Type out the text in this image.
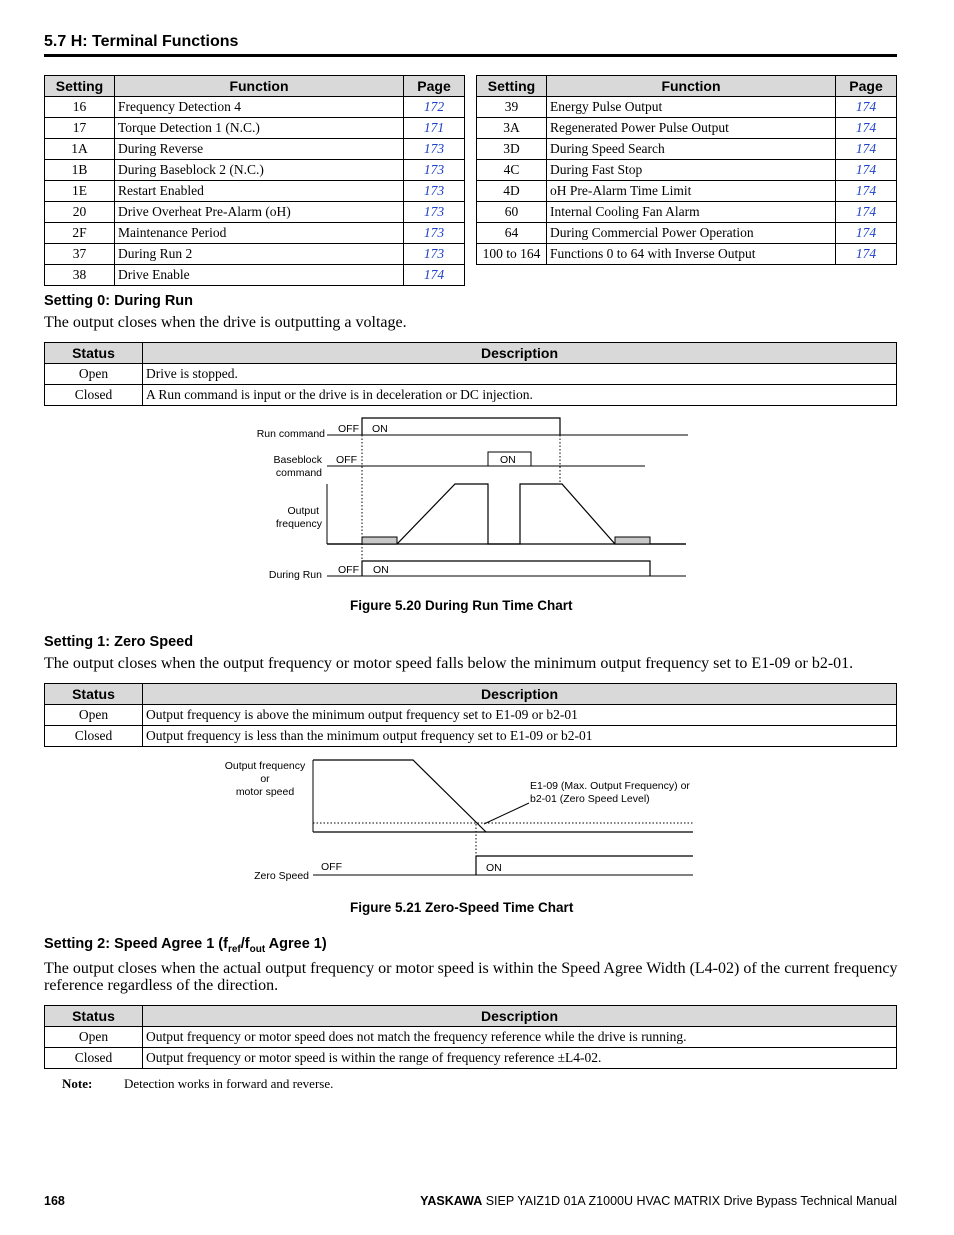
5.7 H: Terminal Functions
Setting	Function	Page
16	Frequency Detection 4	172
17	Torque Detection 1 (N.C.)	171
1A	During Reverse	173
1B	During Baseblock 2 (N.C.)	173
1E	Restart Enabled	173
20	Drive Overheat Pre-Alarm (oH)	173
2F	Maintenance Period	173
37	During Run 2	173
38	Drive Enable	174
Setting	Function	Page
39	Energy Pulse Output	174
3A	Regenerated Power Pulse Output	174
3D	During Speed Search	174
4C	During Fast Stop	174
4D	oH Pre-Alarm Time Limit	174
60	Internal Cooling Fan Alarm	174
64	During Commercial Power Operation	174
100 to 164	Functions 0 to 64 with Inverse Output	174
Setting 0: During Run
The output closes when the drive is outputting a voltage.
Status	Description
Open	Drive is stopped.
Closed	A Run command is input or the drive is in deceleration or DC injection.
Run command
Baseblock
command
Output
frequency
During Run
OFF ON
OFF	ON
OFF ON
Figure 5.20 During Run Time Chart
Setting 1: Zero Speed
The output closes when the output frequency or motor speed falls below the minimum output frequency set to E1-09 or b2-01.
Status	Description
Open	Output frequency is above the minimum output frequency set to E1-09 or b2-01
Closed	Output frequency is less than the minimum output frequency set to E1-09 or b2-01
Output frequency
or
motor speed	E1-09 (Max. Output Frequency) or
b2-01 (Zero Speed Level)
Zero Speed
OFF	ON
Figure 5.21 Zero-Speed Time Chart
Setting 2: Speed Agree 1 ($f_{ref}/f_{out}$ Agree 1)
The output closes when the actual output frequency or motor speed is within the Speed Agree Width (L4-02) of the current frequency reference regardless of the direction.
Status	Description
Open	Output frequency or motor speed does not match the frequency reference while the drive is running.
Closed	Output frequency or motor speed is within the range of frequency reference ±L4-02.
Note: Detection works in forward and reverse.
168	YASKAWA SIEP YAIZ1D 01A Z1000U HVAC MATRIX Drive Bypass Technical Manual
